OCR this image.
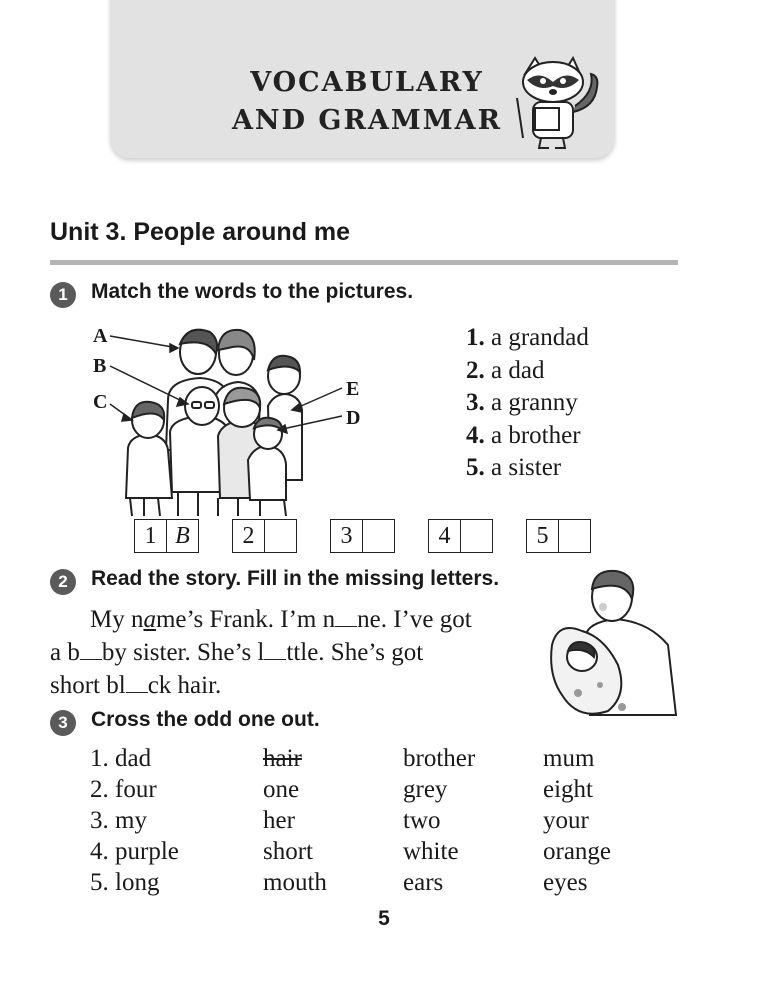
VOCABULARY
AND GRAMMAR
Unit 3. People around me
1	Match the words to the pictures.
A
B
C
E
D
1. a grandad
2. a dad
3. a granny
4. a brother
5. a sister
1 B	2	3	4	5
2	Read the story. Fill in the missing letters.
My name’s Frank. I’m n ne. I’ve got
a b by sister. She’s l ttle. She’s got
short bl ck hair.
3	Cross the odd one out.
1. dad	hair	brother	mum
2. four	one	grey	eight
3. my	her	two	your
4. purple	short	white	orange
5. long	mouth	ears	eyes
5
